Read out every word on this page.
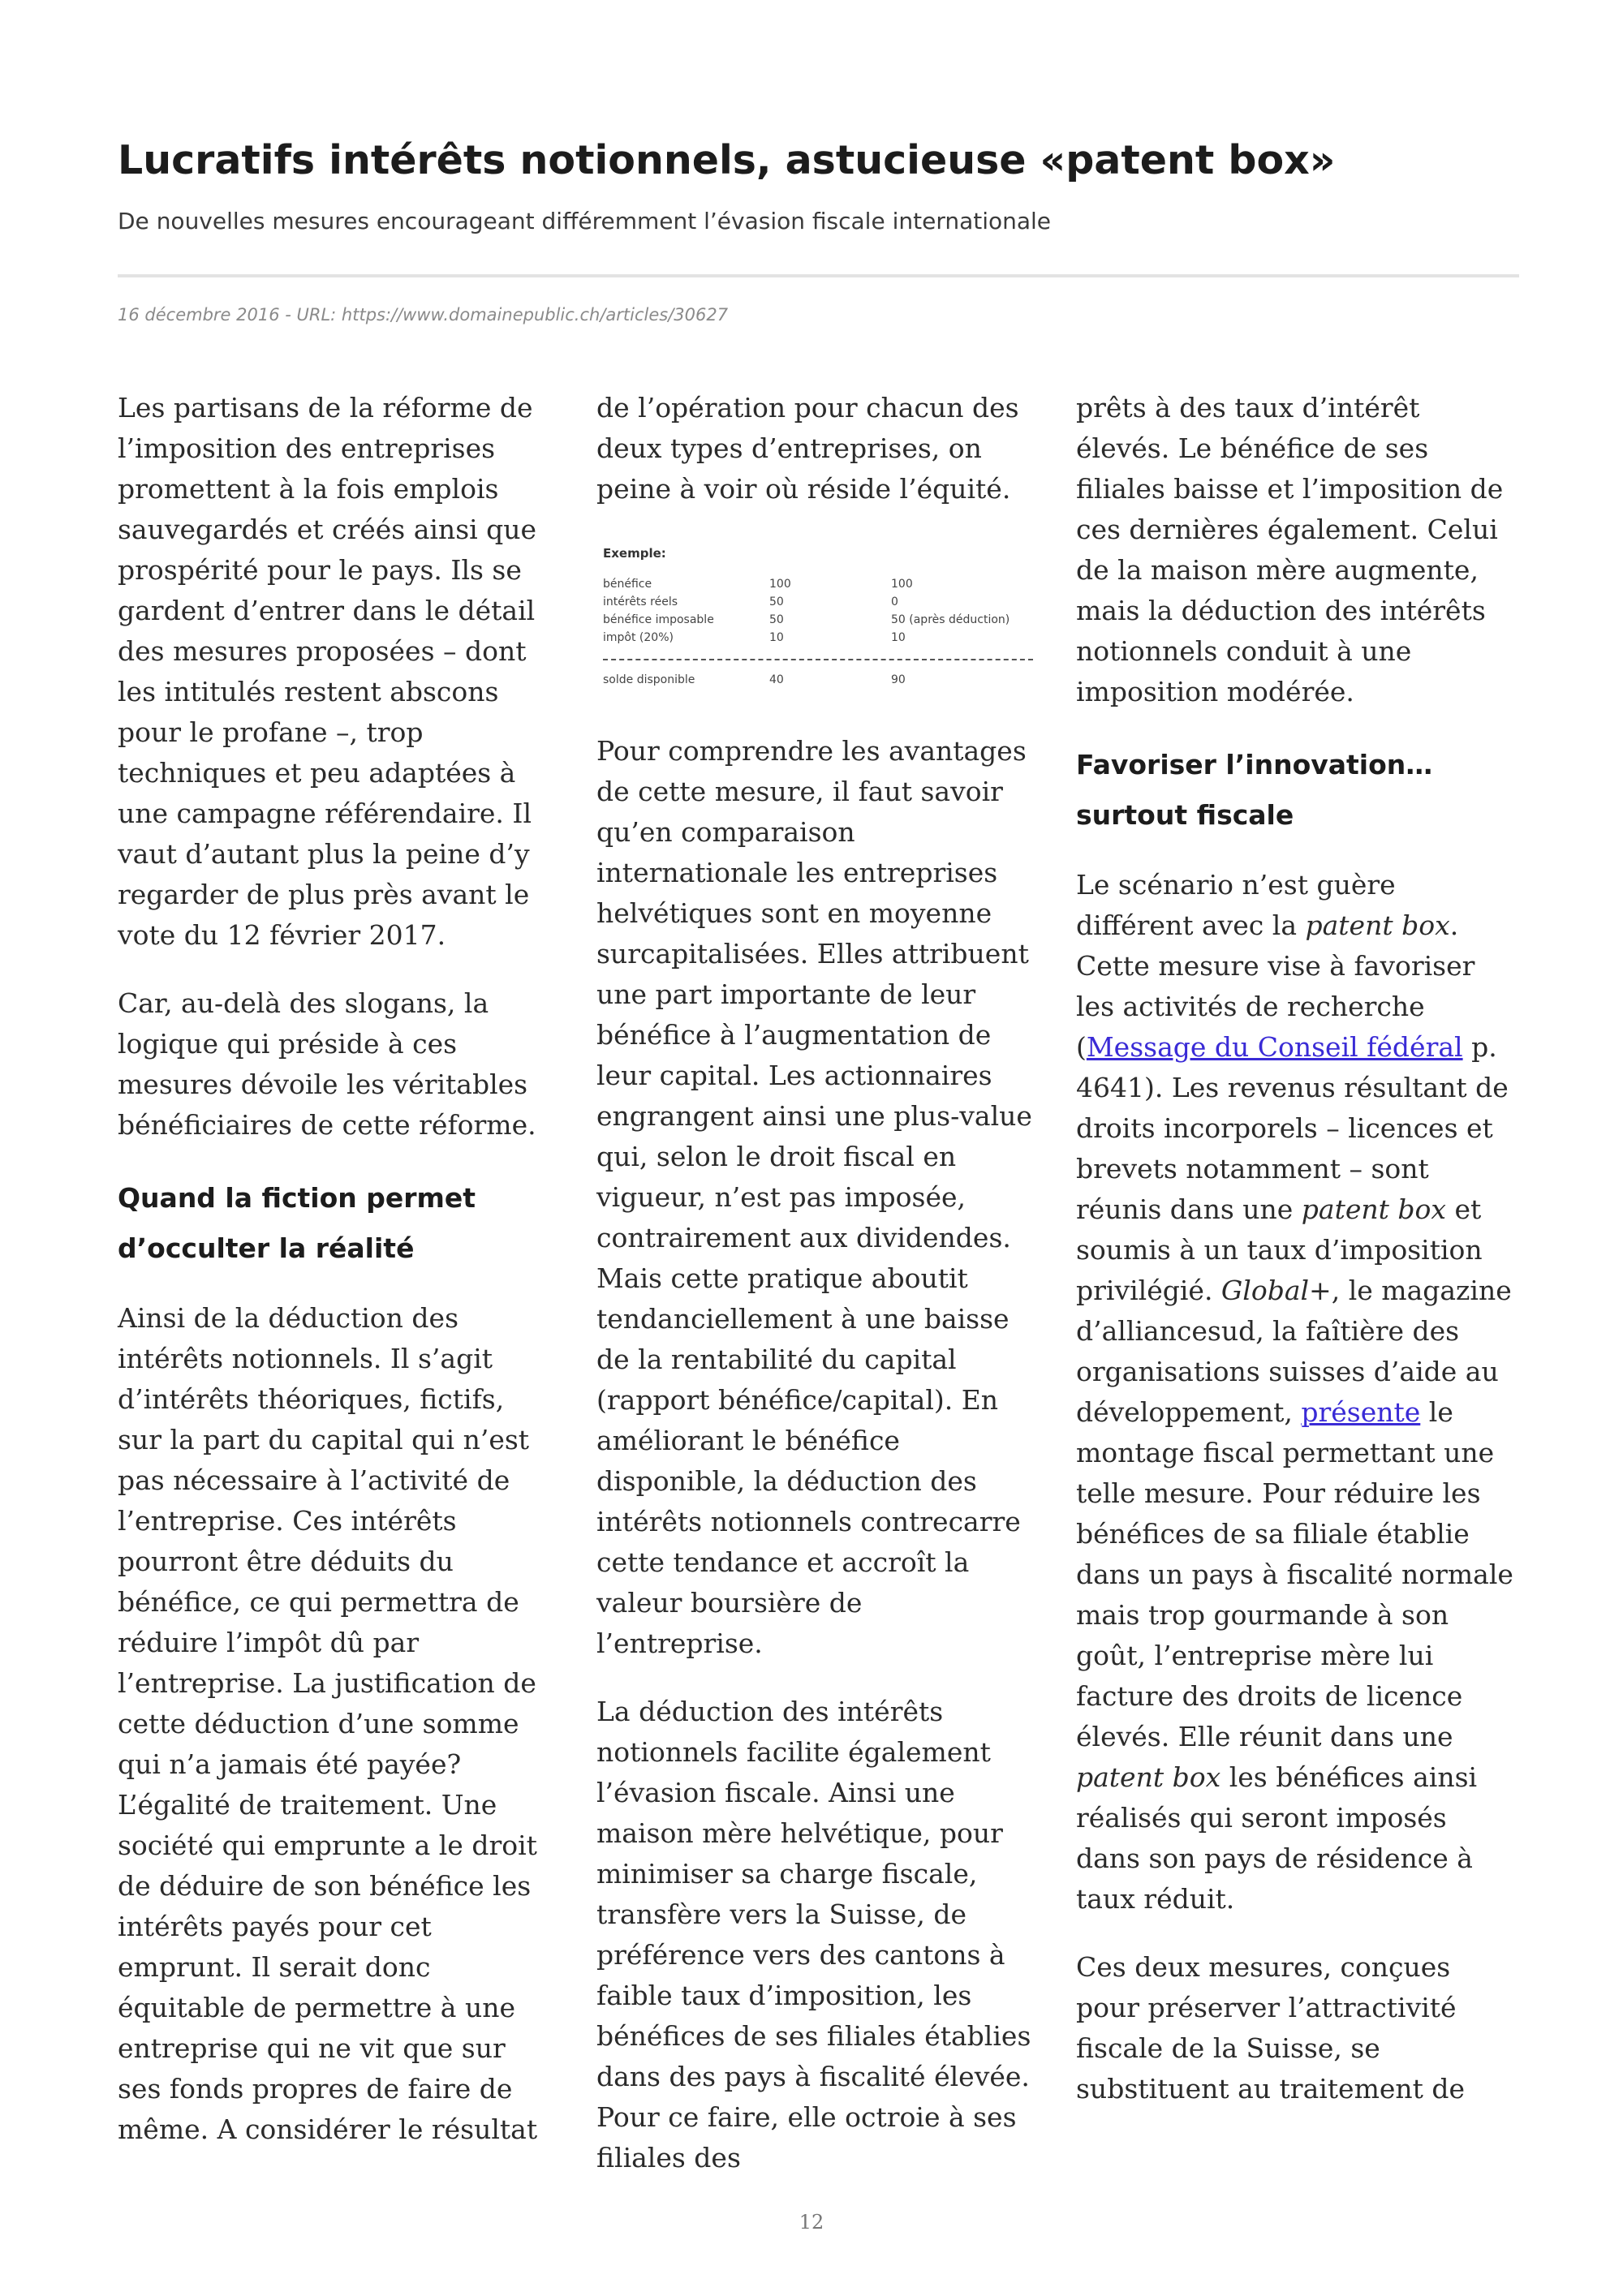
Lucratifs intérêts notionnels, astucieuse «patent box»

De nouvelles mesures encourageant différemment l’évasion fiscale internationale

16 décembre 2016 - URL: https://www.domainepublic.ch/articles/30627

Les partisans de la réforme de l’imposition des entreprises promettent à la fois emplois sauvegardés et créés ainsi que prospérité pour le pays. Ils se gardent d’entrer dans le détail des mesures proposées – dont les intitulés restent abscons pour le profane –, trop techniques et peu adaptées à une campagne référendaire. Il vaut d’autant plus la peine d’y regarder de plus près avant le vote du 12 février 2017.

Car, au-delà des slogans, la logique qui préside à ces mesures dévoile les véritables bénéficiaires de cette réforme.

Quand la fiction permet d’occulter la réalité

Ainsi de la déduction des intérêts notionnels. Il s’agit d’intérêts théoriques, fictifs, sur la part du capital qui n’est pas nécessaire à l’activité de l’entreprise. Ces intérêts pourront être déduits du bénéfice, ce qui permettra de réduire l’impôt dû par l’entreprise. La justification de cette déduction d’une somme qui n’a jamais été payée? L’égalité de traitement. Une société qui emprunte a le droit de déduire de son bénéfice les intérêts payés pour cet emprunt. Il serait donc équitable de permettre à une entreprise qui ne vit que sur ses fonds propres de faire de même. A considérer le résultat

de l’opération pour chacun des deux types d’entreprises, on peine à voir où réside l’équité.

Exemple:
bénéfice	100	100
intérêts réels	50	0
bénéfice imposable	50	50 (après déduction)
impôt (20%)	10	10
solde disponible	40	90

Pour comprendre les avantages de cette mesure, il faut savoir qu’en comparaison internationale les entreprises helvétiques sont en moyenne surcapitalisées. Elles attribuent une part importante de leur bénéfice à l’augmentation de leur capital. Les actionnaires engrangent ainsi une plus-value qui, selon le droit fiscal en vigueur, n’est pas imposée, contrairement aux dividendes. Mais cette pratique aboutit tendanciellement à une baisse de la rentabilité du capital (rapport bénéfice/capital). En améliorant le bénéfice disponible, la déduction des intérêts notionnels contrecarre cette tendance et accroît la valeur boursière de l’entreprise.

La déduction des intérêts notionnels facilite également l’évasion fiscale. Ainsi une maison mère helvétique, pour minimiser sa charge fiscale, transfère vers la Suisse, de préférence vers des cantons à faible taux d’imposition, les bénéfices de ses filiales établies dans des pays à fiscalité élevée. Pour ce faire, elle octroie à ses filiales des

prêts à des taux d’intérêt élevés. Le bénéfice de ses filiales baisse et l’imposition de ces dernières également. Celui de la maison mère augmente, mais la déduction des intérêts notionnels conduit à une imposition modérée.

Favoriser l’innovation… surtout fiscale

Le scénario n’est guère différent avec la patent box. Cette mesure vise à favoriser les activités de recherche (Message du Conseil fédéral p. 4641). Les revenus résultant de droits incorporels – licences et brevets notamment – sont réunis dans une patent box et soumis à un taux d’imposition privilégié. Global+, le magazine d’alliancesud, la faîtière des organisations suisses d’aide au développement, présente le montage fiscal permettant une telle mesure. Pour réduire les bénéfices de sa filiale établie dans un pays à fiscalité normale mais trop gourmande à son goût, l’entreprise mère lui facture des droits de licence élevés. Elle réunit dans une patent box les bénéfices ainsi réalisés qui seront imposés dans son pays de résidence à taux réduit.

Ces deux mesures, conçues pour préserver l’attractivité fiscale de la Suisse, se substituent au traitement de

12
